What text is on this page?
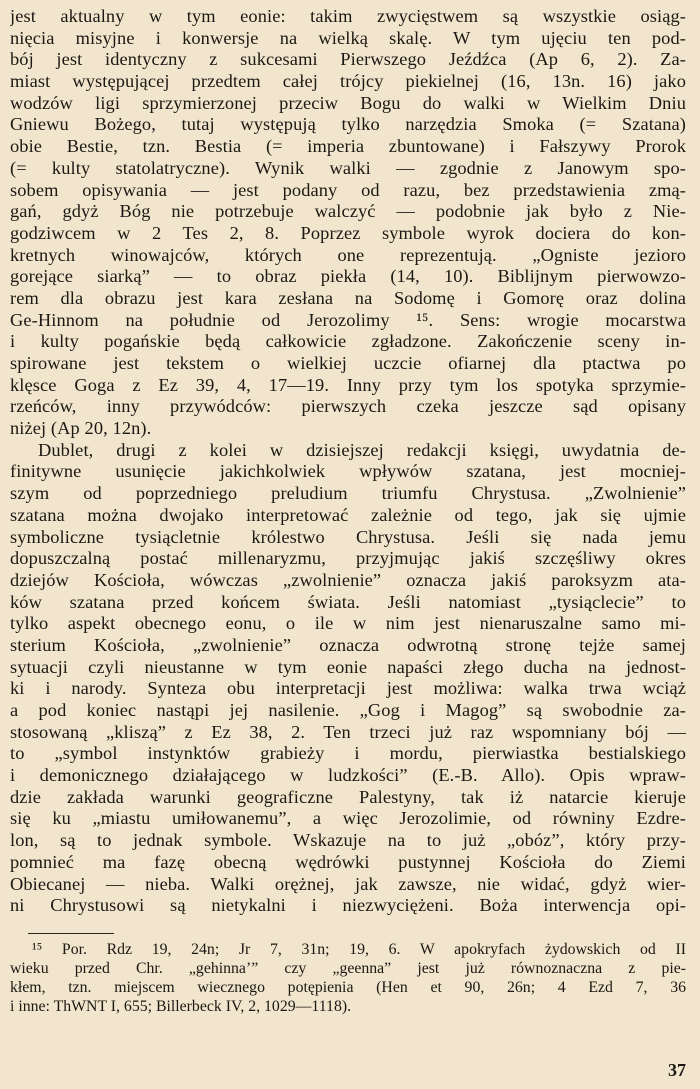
jest aktualny w tym eonie: takim zwycięstwem są wszystkie osiąg-
nięcia misyjne i konwersje na wielką skalę. W tym ujęciu ten pod-
bój jest identyczny z sukcesami Pierwszego Jeźdźca (Ap 6, 2). Za-
miast występującej przedtem całej trójcy piekielnej (16, 13n. 16) jako
wodzów ligi sprzymierzonej przeciw Bogu do walki w Wielkim Dniu
Gniewu Bożego, tutaj występują tylko narzędzia Smoka (= Szatana)
obie Bestie, tzn. Bestia (= imperia zbuntowane) i Fałszywy Prorok
(= kulty statolatryczne). Wynik walki — zgodnie z Janowym spo-
sobem opisywania — jest podany od razu, bez przedstawienia zmą-
gań, gdyż Bóg nie potrzebuje walczyć — podobnie jak było z Nie-
godziwcem w 2 Tes 2, 8. Poprzez symbole wyrok dociera do kon-
kretnych winowajców, których one reprezentują. „Ogniste jezioro
gorejące siarką” — to obraz piekła (14, 10). Biblijnym pierwowzo-
rem dla obrazu jest kara zesłana na Sodomę i Gomorę oraz dolina
Ge-Hinnom na południe od Jerozolimy ¹⁵. Sens: wrogie mocarstwa
i kulty pogańskie będą całkowicie zgładzone. Zakończenie sceny in-
spirowane jest tekstem o wielkiej uczcie ofiarnej dla ptactwa po
klęsce Goga z Ez 39, 4, 17—19. Inny przy tym los spotyka sprzymie-
rzeńców, inny przywódców: pierwszych czeka jeszcze sąd opisany
niżej (Ap 20, 12n).
Dublet, drugi z kolei w dzisiejszej redakcji księgi, uwydatnia de-
finitywne usunięcie jakichkolwiek wpływów szatana, jest mocniej-
szym od poprzedniego preludium triumfu Chrystusa. „Zwolnienie”
szatana można dwojako interpretować zależnie od tego, jak się ujmie
symboliczne tysiącletnie królestwo Chrystusa. Jeśli się nada jemu
dopuszczalną postać millenaryzmu, przyjmując jakiś szczęśliwy okres
dziejów Kościoła, wówczas „zwolnienie” oznacza jakiś paroksyzm ata-
ków szatana przed końcem świata. Jeśli natomiast „tysiąclecie” to
tylko aspekt obecnego eonu, o ile w nim jest nienaruszalne samo mi-
sterium Kościoła, „zwolnienie” oznacza odwrotną stronę tejże samej
sytuacji czyli nieustanne w tym eonie napaści złego ducha na jednost-
ki i narody. Synteza obu interpretacji jest możliwa: walka trwa wciąż
a pod koniec nastąpi jej nasilenie. „Gog i Magog” są swobodnie za-
stosowaną „kliszą” z Ez 38, 2. Ten trzeci już raz wspomniany bój —
to „symbol instynktów grabieży i mordu, pierwiastka bestialskiego
i demonicznego działającego w ludzkości” (E.-B. Allo). Opis wpraw-
dzie zakłada warunki geograficzne Palestyny, tak iż natarcie kieruje
się ku „miastu umiłowanemu”, a więc Jerozolimie, od równiny Ezdre-
lon, są to jednak symbole. Wskazuje na to już „obóz”, który przy-
pomnieć ma fazę obecną wędrówki pustynnej Kościoła do Ziemi
Obiecanej — nieba. Walki orężnej, jak zawsze, nie widać, gdyż wier-
ni Chrystusowi są nietykalni i niezwyciężeni. Boża interwencja opi-
¹⁵ Por. Rdz 19, 24n; Jr 7, 31n; 19, 6. W apokryfach żydowskich od II
wieku przed Chr. „gehinna’” czy „geenna” jest już równoznaczna z pie-
kłem, tzn. miejscem wiecznego potępienia (Hen et 90, 26n; 4 Ezd 7, 36
i inne: ThWNT I, 655; Billerbeck IV, 2, 1029—1118).
37
